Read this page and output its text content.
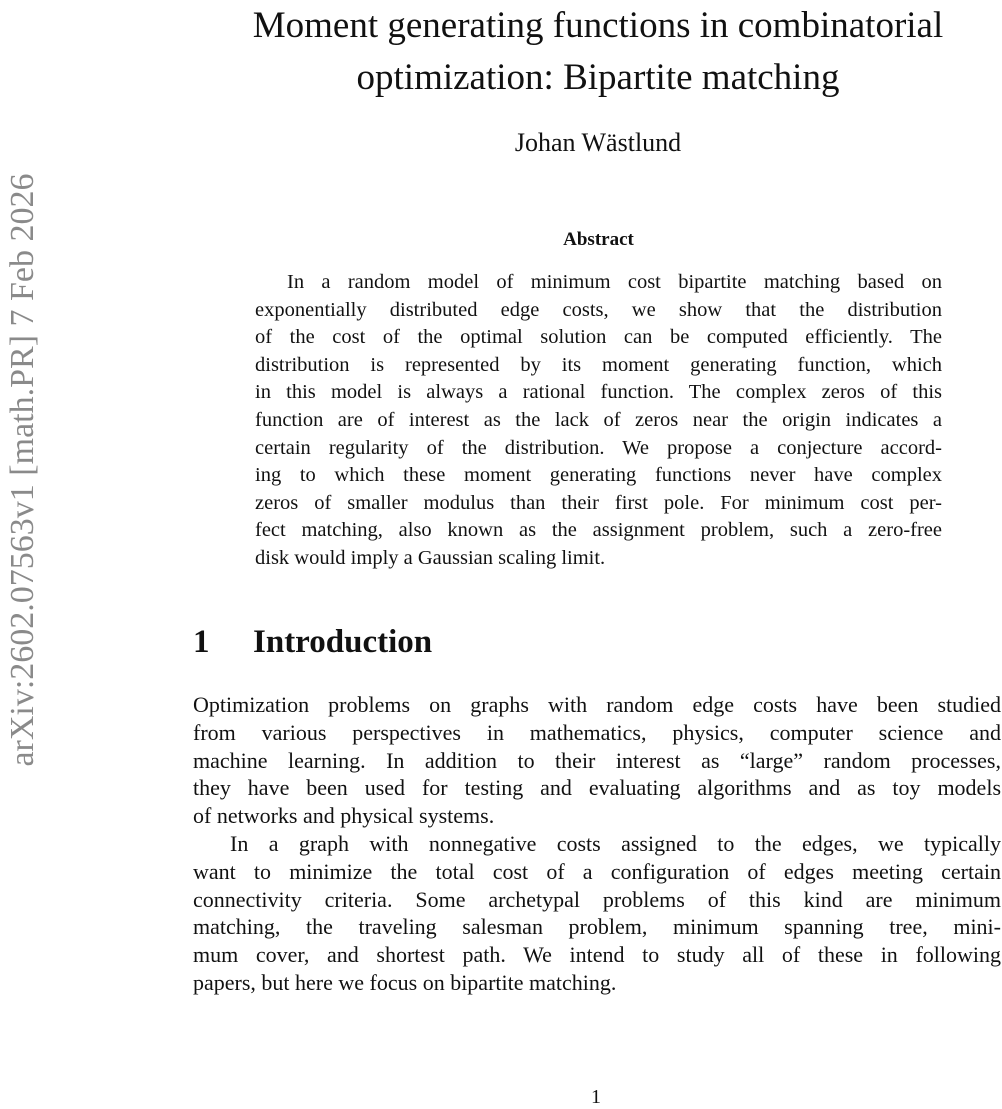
arXiv:2602.07563v1 [math.PR] 7 Feb 2026
Moment generating functions in combinatorial
optimization: Bipartite matching
Johan Wästlund
Abstract
In a random model of minimum cost bipartite matching based on
exponentially distributed edge costs, we show that the distribution
of the cost of the optimal solution can be computed efficiently. The
distribution is represented by its moment generating function, which
in this model is always a rational function. The complex zeros of this
function are of interest as the lack of zeros near the origin indicates a
certain regularity of the distribution. We propose a conjecture accord-
ing to which these moment generating functions never have complex
zeros of smaller modulus than their first pole. For minimum cost per-
fect matching, also known as the assignment problem, such a zero-free
disk would imply a Gaussian scaling limit.
1 Introduction
Optimization problems on graphs with random edge costs have been studied
from various perspectives in mathematics, physics, computer science and
machine learning. In addition to their interest as “large” random processes,
they have been used for testing and evaluating algorithms and as toy models
of networks and physical systems.
In a graph with nonnegative costs assigned to the edges, we typically
want to minimize the total cost of a configuration of edges meeting certain
connectivity criteria. Some archetypal problems of this kind are minimum
matching, the traveling salesman problem, minimum spanning tree, mini-
mum cover, and shortest path. We intend to study all of these in following
papers, but here we focus on bipartite matching.
1
